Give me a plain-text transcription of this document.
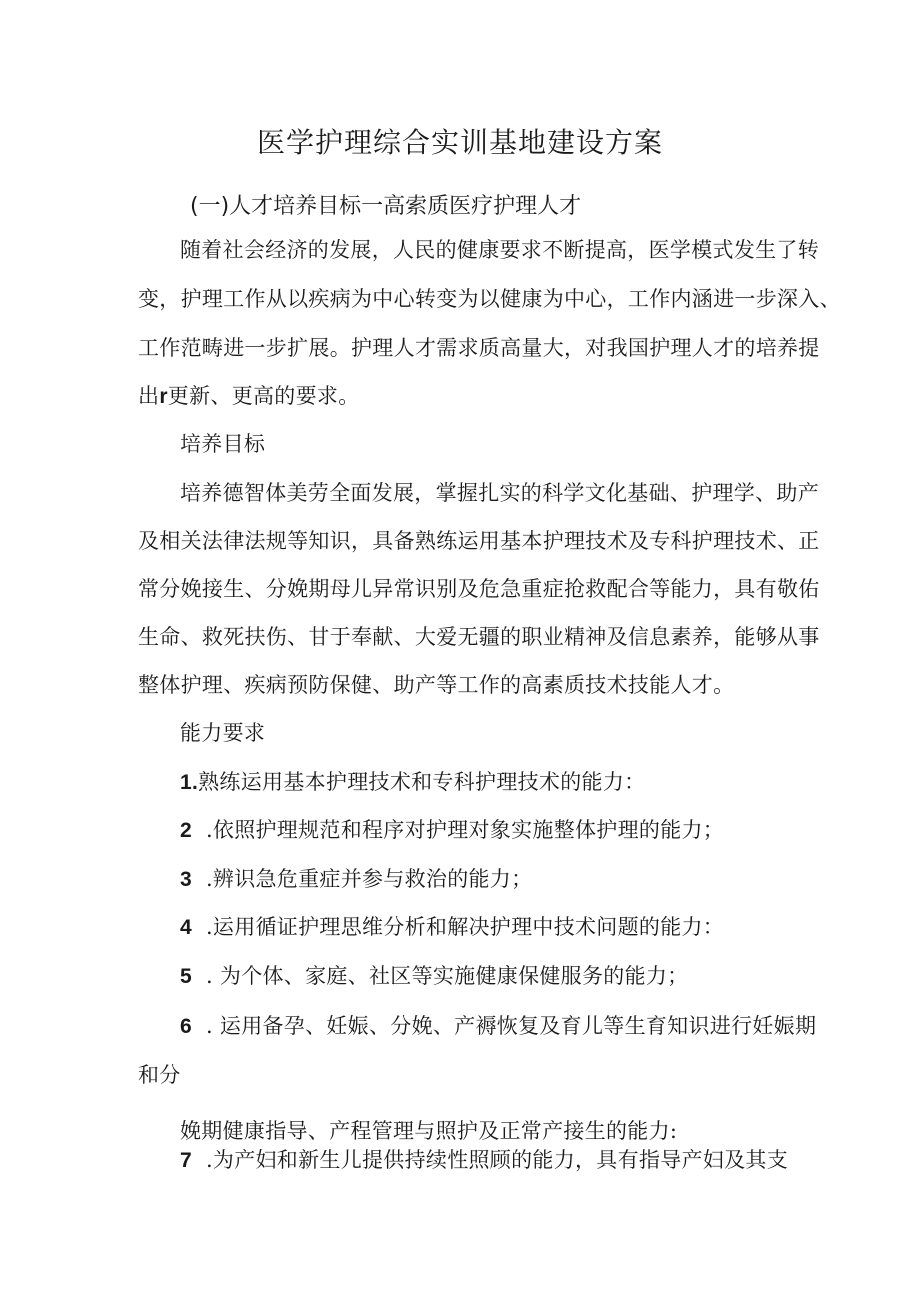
医学护理综合实训基地建设方案
(一)人才培养目标一高索质医疗护理人才
随着社会经济的发展，人民的健康要求不断提高，医学模式发生了转
变，护理工作从以疾病为中心转变为以健康为中心，工作内涵进一步深入、
工作范畴进一步扩展。护理人才需求质高量大，对我国护理人才的培养提
出r更新、更高的要求。
培养目标
培养德智体美劳全面发展，掌握扎实的科学文化基础、护理学、助产
及相关法律法规等知识，具备熟练运用基本护理技术及专科护理技术、正
常分娩接生、分娩期母儿异常识别及危急重症抢救配合等能力，具有敬佑
生命、救死扶伤、甘于奉献、大爱无疆的职业精神及信息素养，能够从事
整体护理、疾病预防保健、助产等工作的高素质技术技能人才。
能力要求
1.熟练运用基本护理技术和专科护理技术的能力：
2 .依照护理规范和程序对护理对象实施整体护理的能力；
3 .辨识急危重症并参与救治的能力；
4 .运用循证护理思维分析和解决护理中技术问题的能力：
5 . 为个体、家庭、社区等实施健康保健服务的能力；
6 . 运用备孕、妊娠、分娩、产褥恢复及育儿等生育知识进行妊娠期
和分
娩期健康指导、产程管理与照护及正常产接生的能力:
7 .为产妇和新生儿提供持续性照顾的能力，具有指导产妇及其支
